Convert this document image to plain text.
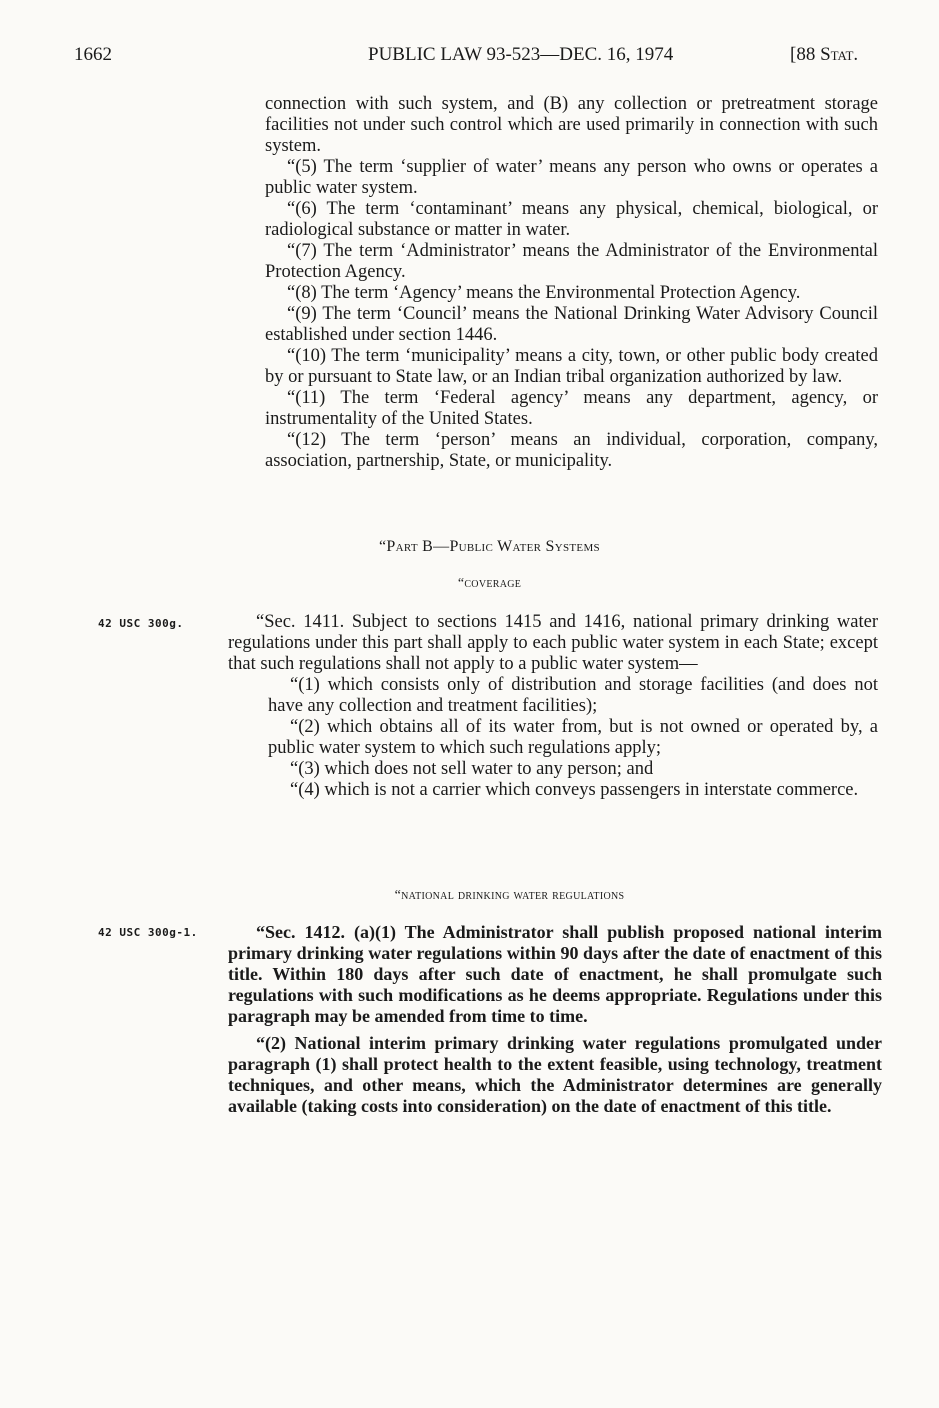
1662	PUBLIC LAW 93-523—DEC. 16, 1974	[88 Stat.

connection with such system, and (B) any collection or pretreatment storage facilities not under such control which are used primarily in connection with such system.

“(5) The term ‘supplier of water’ means any person who owns or operates a public water system.

“(6) The term ‘contaminant’ means any physical, chemical, biological, or radiological substance or matter in water.

“(7) The term ‘Administrator’ means the Administrator of the Environmental Protection Agency.

“(8) The term ‘Agency’ means the Environmental Protection Agency.

“(9) The term ‘Council’ means the National Drinking Water Advisory Council established under section 1446.

“(10) The term ‘municipality’ means a city, town, or other public body created by or pursuant to State law, or an Indian tribal organization authorized by law.

“(11) The term ‘Federal agency’ means any department, agency, or instrumentality of the United States.

“(12) The term ‘person’ means an individual, corporation, company, association, partnership, State, or municipality.

“Part B—Public Water Systems
“coverage
42 USC 300g.	“Sec. 1411. Subject to sections 1415 and 1416, national primary drinking water regulations under this part shall apply to each public water system in each State; except that such regulations shall not apply to a public water system—

“(1) which consists only of distribution and storage facilities (and does not have any collection and treatment facilities);

“(2) which obtains all of its water from, but is not owned or operated by, a public water system to which such regulations apply;

“(3) which does not sell water to any person; and

“(4) which is not a carrier which conveys passengers in interstate commerce.

“national drinking water regulations
42 USC 300g-1.	“Sec. 1412. (a)(1) The Administrator shall publish proposed national interim primary drinking water regulations within 90 days after the date of enactment of this title. Within 180 days after such date of enactment, he shall promulgate such regulations with such modifications as he deems appropriate. Regulations under this paragraph may be amended from time to time.

“(2) National interim primary drinking water regulations promulgated under paragraph (1) shall protect health to the extent feasible, using technology, treatment techniques, and other means, which the Administrator determines are generally available (taking costs into consideration) on the date of enactment of this title.
